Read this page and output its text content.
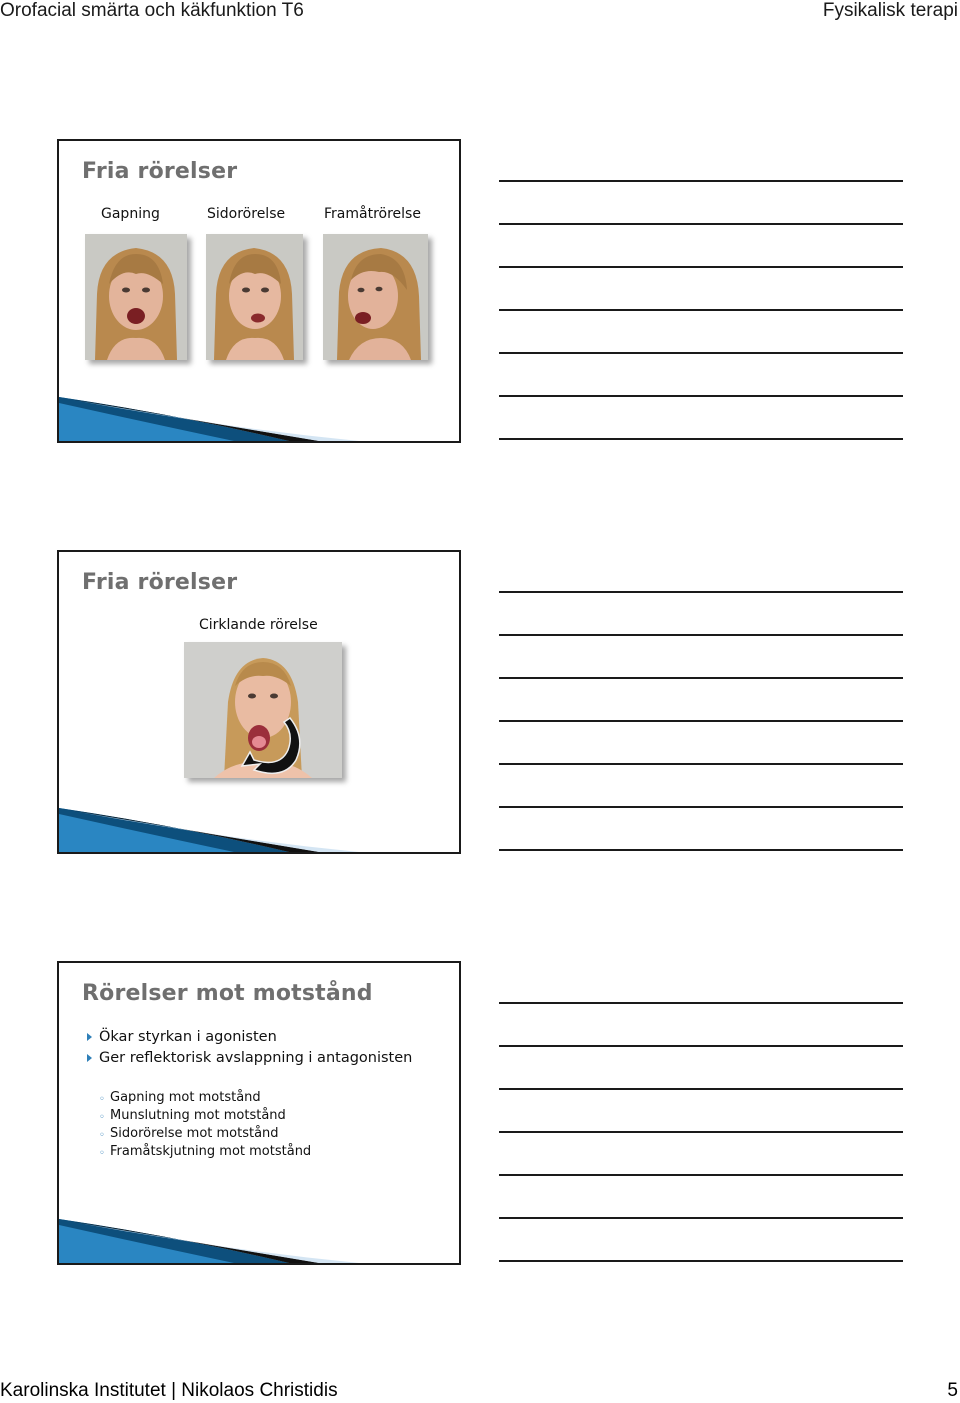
Orofacial smärta och käkfunktion T6	Fysikalisk terapi
Fria rörelser
Gapning	Sidorörelse	Framåtrörelse
Fria rörelser
Cirklande rörelse
Rörelser mot motstånd
Ökar styrkan i agonisten
Ger reflektorisk avslappning i antagonisten
◦ Gapning mot motstånd
◦ Munslutning mot motstånd
◦ Sidorörelse mot motstånd
◦ Framåtskjutning mot motstånd
Karolinska Institutet | Nikolaos Christidis	5
